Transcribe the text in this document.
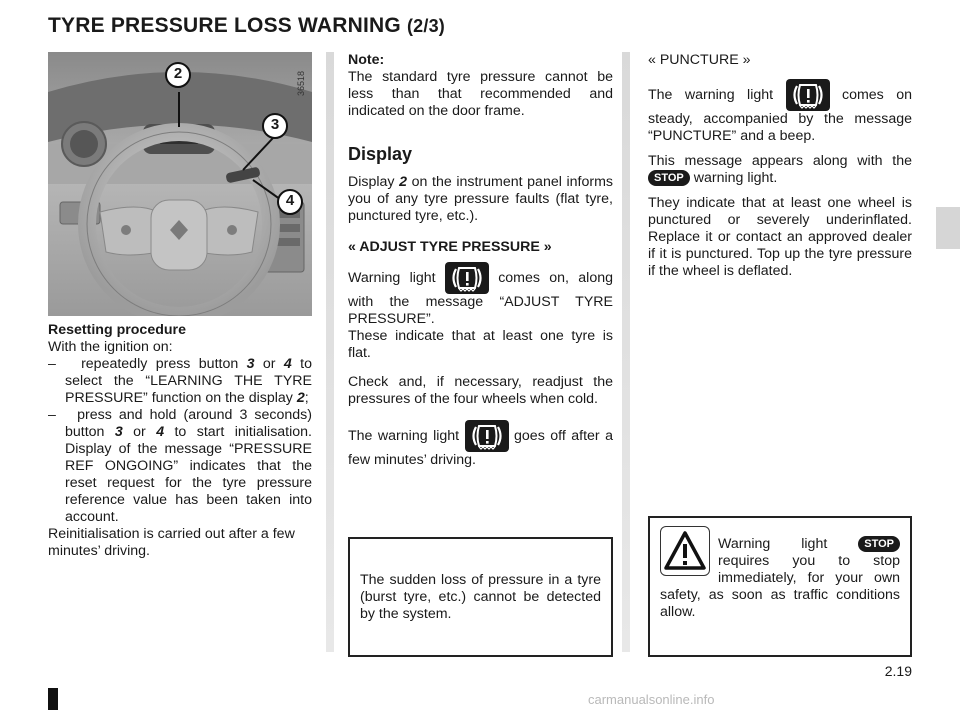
TYRE PRESSURE LOSS WARNING (2/3)
888
2
3
4
36518

Resetting procedure

With the ignition on:

– repeatedly press button 3 or 4 to select the “LEARNING THE TYRE PRESSURE” function on the display 2;
– press and hold (around 3 seconds) button 3 or 4 to start initialisation. Display of the message “PRESSURE REF ONGOING” indicates that the reset request for the tyre pressure reference value has been taken into account.

Reinitialisation is carried out after a few minutes’ driving.

Note:

The standard tyre pressure cannot be less than that recommended and indicated on the door frame.

Display

Display 2 on the instrument panel informs you of any tyre pressure faults (flat tyre, punctured tyre, etc.).

« ADJUST TYRE PRESSURE »

Warning light	comes on, along with the message “ADJUST TYRE PRESSURE”.

These indicate that at least one tyre is flat.

Check and, if necessary, readjust the pressures of the four wheels when cold.

The warning light	goes off after a few minutes’ driving.

The sudden loss of pressure in a tyre (burst tyre, etc.) cannot be detected by the system.

« PUNCTURE »

The warning light	comes on steady, accompanied by the message “PUNCTURE” and a beep.

This message appears along with the STOP warning light.

They indicate that at least one wheel is punctured or severely underinflated. Replace it or contact an approved dealer if it is punctured. Top up the tyre pressure if the wheel is deflated.

Warning light STOP requires you to stop immediately, for your own safety, as soon as traffic conditions allow.

2.19
carmanualsonline.info
